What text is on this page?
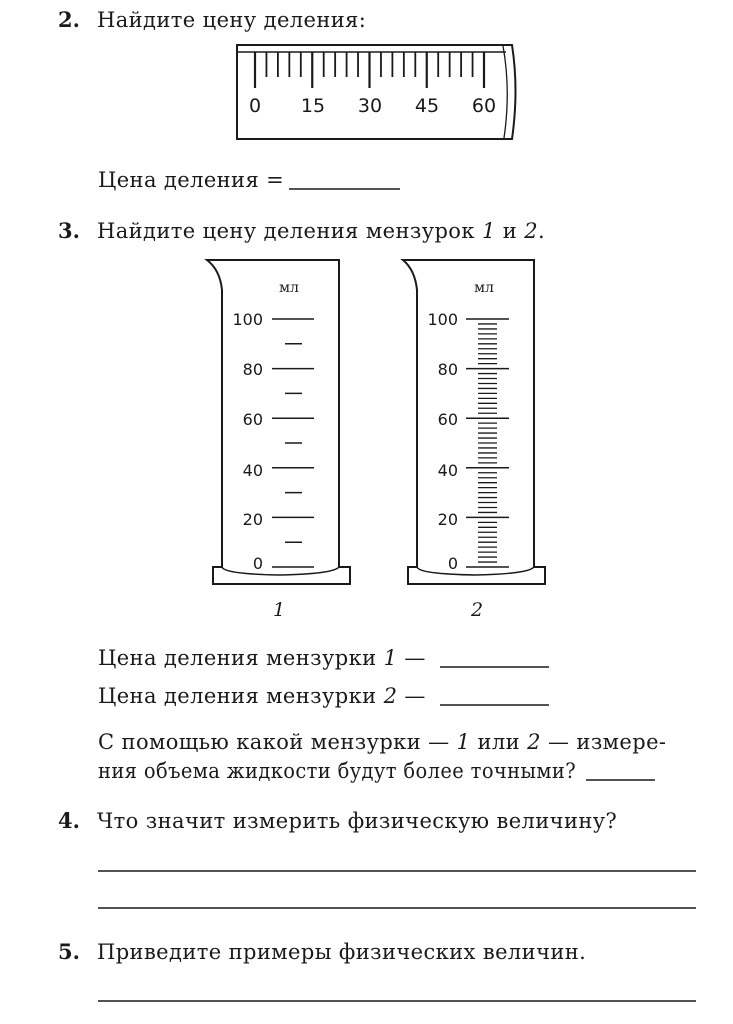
2. Найдите цену деления:
0 15 30 45 60
Цена деления =
3. Найдите цену деления мензурок 1 и 2.
мл
100
80
60
40
20
0
1
мл
100
80
60
40
20
0
2
Цена деления мензурки 1 —
Цена деления мензурки 2 —
С помощью какой мензурки — 1 или 2 — измере-
ния объема жидкости будут более точными?
4. Что значит измерить физическую величину?
5. Приведите примеры физических величин.
